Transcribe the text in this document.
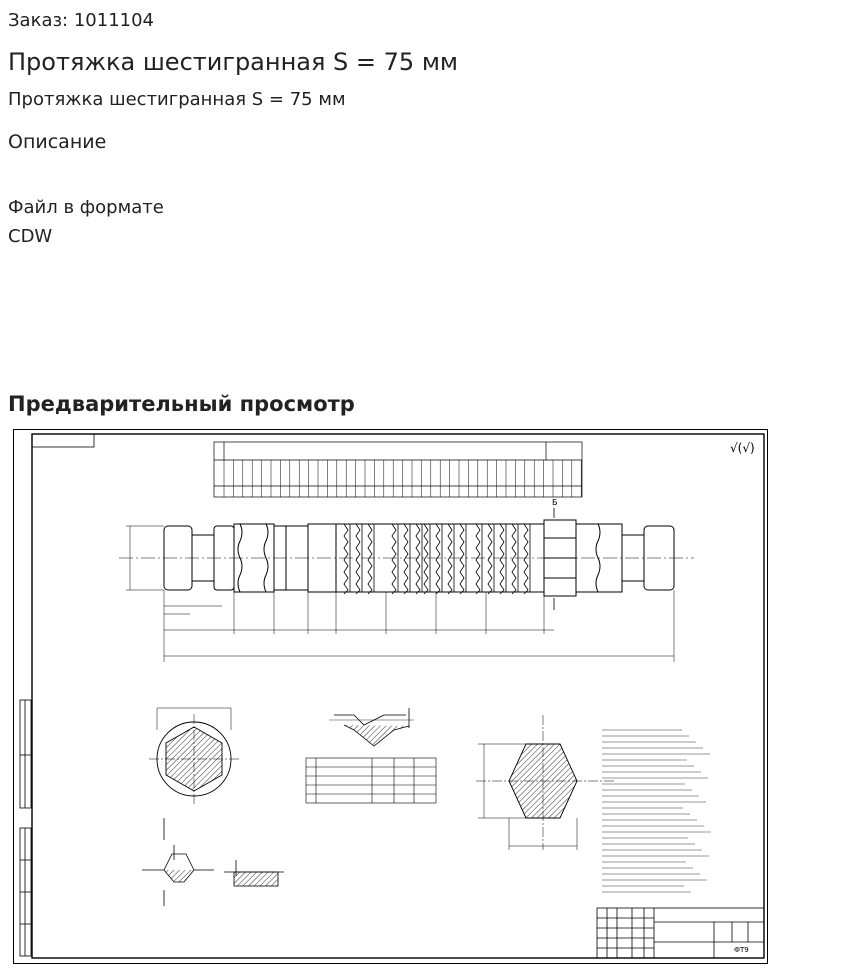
Заказ: 1011104
Протяжка шестигранная S = 75 мм
Протяжка шестигранная S = 75 мм
Описание
Файл в формате CDW
Предварительный просмотр
√(√)
Б
ФТ9
